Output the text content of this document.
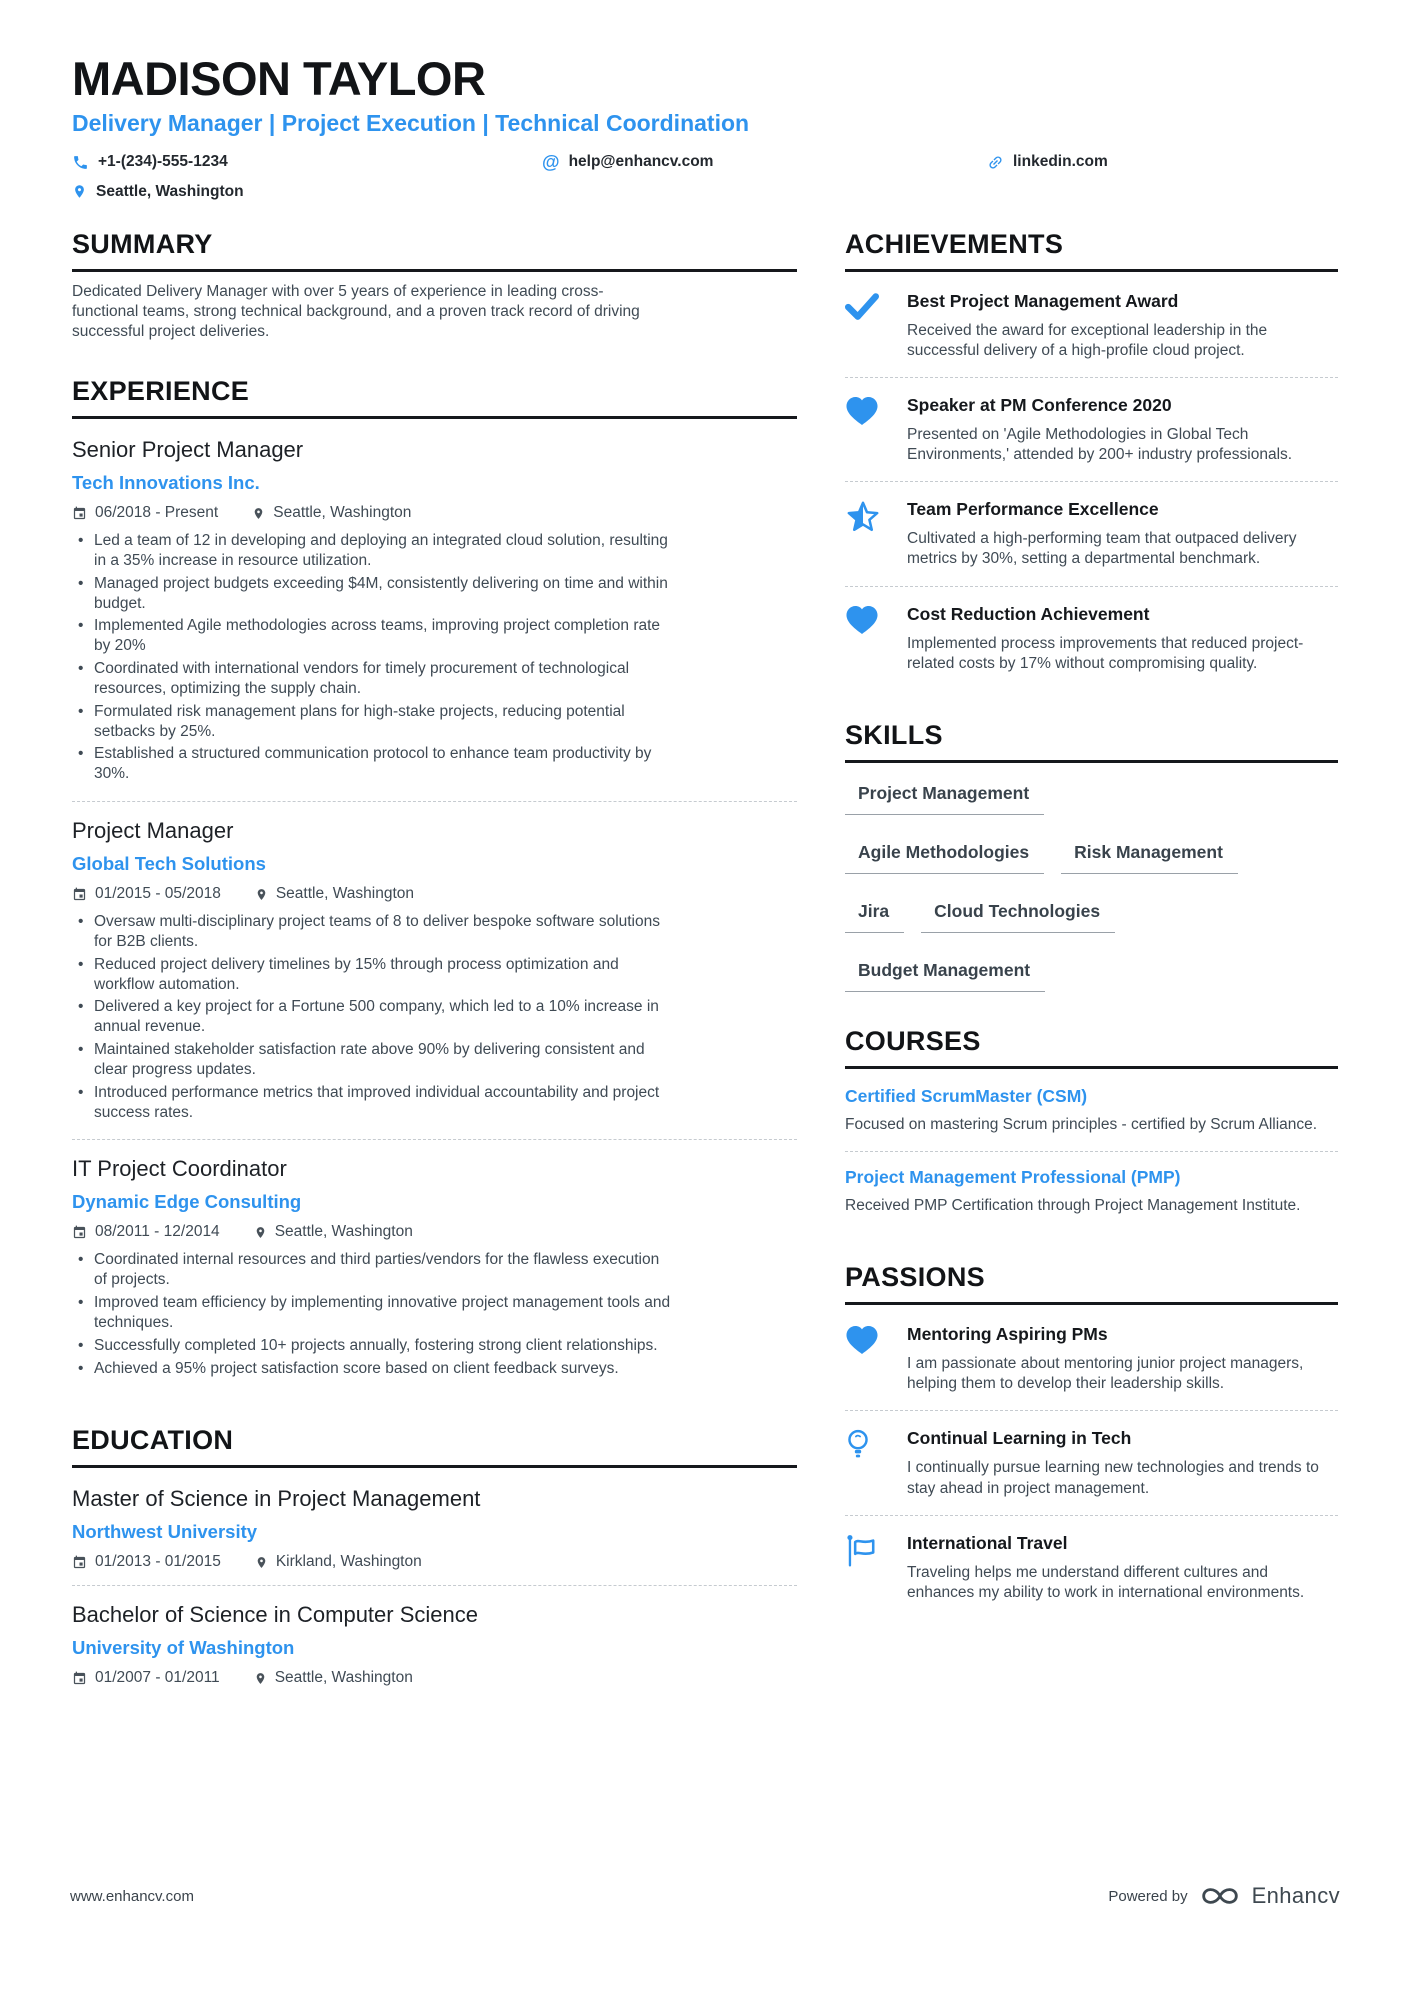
MADISON TAYLOR
Delivery Manager | Project Execution | Technical Coordination
+1-(234)-555-1234	@ help@enhancv.com	linkedin.com
Seattle, Washington
SUMMARY

Dedicated Delivery Manager with over 5 years of experience in leading cross-functional teams, strong technical background, and a proven track record of driving successful project deliveries.

EXPERIENCE
Senior Project Manager
Tech Innovations Inc.
06/2018 - Present	Seattle, Washington
• Led a team of 12 in developing and deploying an integrated cloud solution, resulting in a 35% increase in resource utilization.
• Managed project budgets exceeding $4M, consistently delivering on time and within budget.
• Implemented Agile methodologies across teams, improving project completion rate by 20%
• Coordinated with international vendors for timely procurement of technological resources, optimizing the supply chain.
• Formulated risk management plans for high-stake projects, reducing potential setbacks by 25%.
• Established a structured communication protocol to enhance team productivity by 30%.
Project Manager
Global Tech Solutions
01/2015 - 05/2018	Seattle, Washington
• Oversaw multi-disciplinary project teams of 8 to deliver bespoke software solutions for B2B clients.
• Reduced project delivery timelines by 15% through process optimization and workflow automation.
• Delivered a key project for a Fortune 500 company, which led to a 10% increase in annual revenue.
• Maintained stakeholder satisfaction rate above 90% by delivering consistent and clear progress updates.
• Introduced performance metrics that improved individual accountability and project success rates.
IT Project Coordinator
Dynamic Edge Consulting
08/2011 - 12/2014	Seattle, Washington
• Coordinated internal resources and third parties/vendors for the flawless execution of projects.
• Improved team efficiency by implementing innovative project management tools and techniques.
• Successfully completed 10+ projects annually, fostering strong client relationships.
• Achieved a 95% project satisfaction score based on client feedback surveys.
EDUCATION
Master of Science in Project Management
Northwest University
01/2013 - 01/2015	Kirkland, Washington
Bachelor of Science in Computer Science
University of Washington
01/2007 - 01/2011	Seattle, Washington
ACHIEVEMENTS
Best Project Management Award
Received the award for exceptional leadership in the successful delivery of a high-profile cloud project.
Speaker at PM Conference 2020
Presented on 'Agile Methodologies in Global Tech Environments,' attended by 200+ industry professionals.
Team Performance Excellence
Cultivated a high-performing team that outpaced delivery metrics by 30%, setting a departmental benchmark.
Cost Reduction Achievement
Implemented process improvements that reduced project-related costs by 17% without compromising quality.
SKILLS
Project Management
Agile Methodologies	Risk Management
Jira	Cloud Technologies
Budget Management
COURSES
Certified ScrumMaster (CSM)
Focused on mastering Scrum principles - certified by Scrum Alliance.
Project Management Professional (PMP)
Received PMP Certification through Project Management Institute.
PASSIONS
Mentoring Aspiring PMs
I am passionate about mentoring junior project managers, helping them to develop their leadership skills.
Continual Learning in Tech
I continually pursue learning new technologies and trends to stay ahead in project management.
International Travel
Traveling helps me understand different cultures and enhances my ability to work in international environments.
www.enhancv.com	Powered by	Enhancv
